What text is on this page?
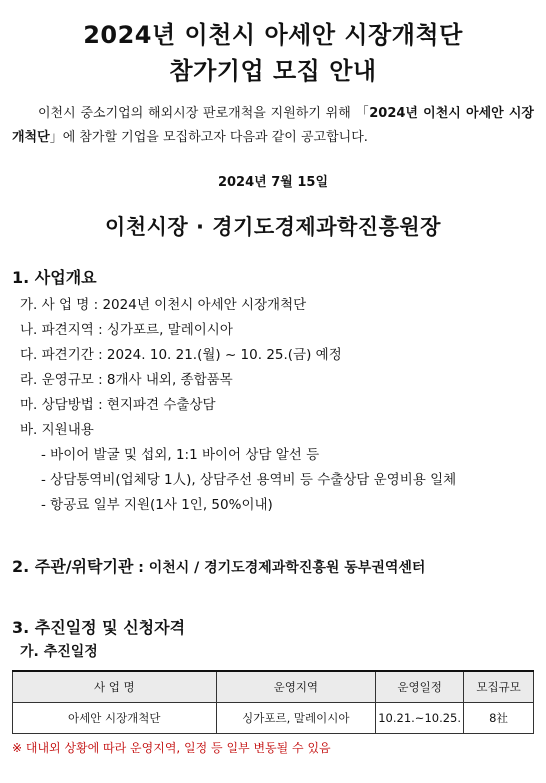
2024년 이천시 아세안 시장개척단
참가기업 모집 안내

이천시 중소기업의 해외시장 판로개척을 지원하기 위해 「2024년 이천시 아세안 시장개척단」에 참가할 기업을 모집하고자 다음과 같이 공고합니다.

2024년 7월 15일
이천시장 · 경기도경제과학진흥원장
1. 사업개요
가. 사 업 명 : 2024년 이천시 아세안 시장개척단
나. 파견지역 : 싱가포르, 말레이시아
다. 파견기간 : 2024. 10. 21.(월) ~ 10. 25.(금) 예정
라. 운영규모 : 8개사 내외, 종합품목
마. 상담방법 : 현지파견 수출상담
바. 지원내용
- 바이어 발굴 및 섭외, 1:1 바이어 상담 알선 등
- 상담통역비(업체당 1人), 상담주선 용역비 등 수출상담 운영비용 일체
- 항공료 일부 지원(1사 1인, 50%이내)
2. 주관/위탁기관 : 이천시 / 경기도경제과학진흥원 동부권역센터
3. 추진일정 및 신청자격
가. 추진일정
사 업 명	운영지역	운영일정	모집규모
아세안 시장개척단	싱가포르, 말레이시아	10.21.~10.25.	8社
※ 대내외 상황에 따라 운영지역, 일정 등 일부 변동될 수 있음
